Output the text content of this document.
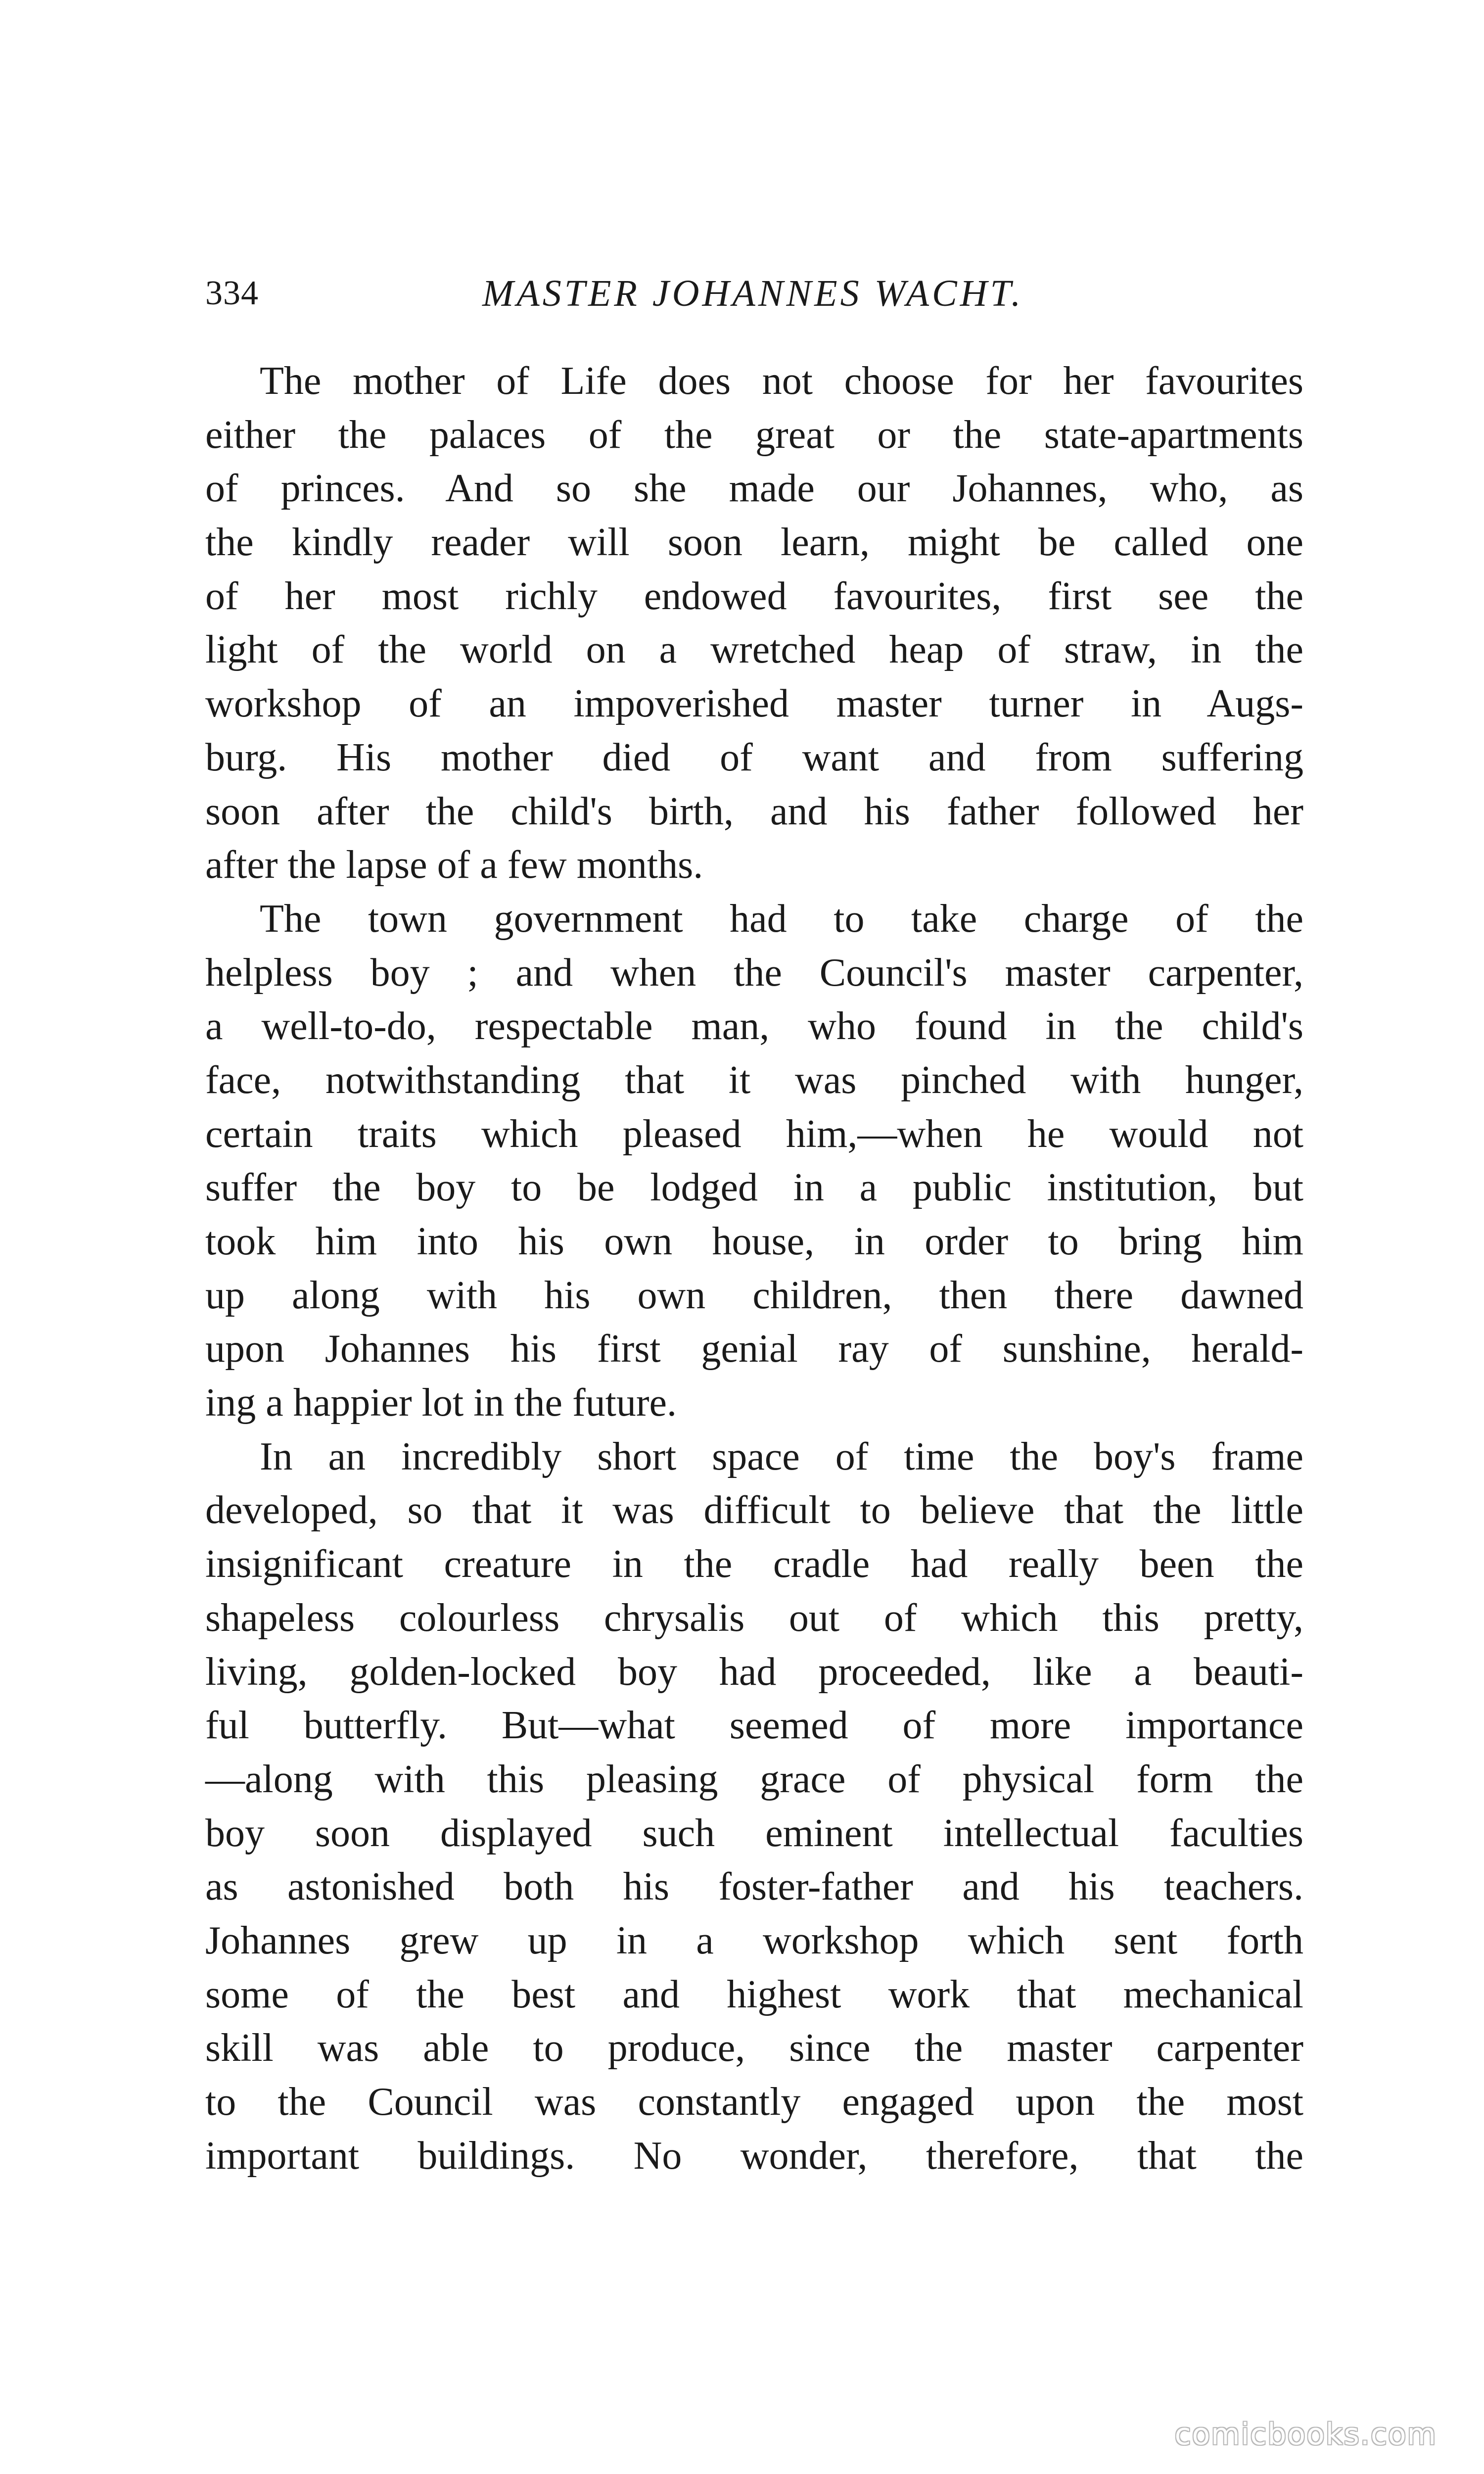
334	MASTER JOHANNES WACHT.
The mother of Life does not choose for her favourites
either the palaces of the great or the state-apartments
of princes. And so she made our Johannes, who, as
the kindly reader will soon learn, might be called one
of her most richly endowed favourites, first see the
light of the world on a wretched heap of straw, in the
workshop of an impoverished master turner in Augs-
burg. His mother died of want and from suffering
soon after the child's birth, and his father followed her
after the lapse of a few months.
The town government had to take charge of the
helpless boy ; and when the Council's master carpenter,
a well-to-do, respectable man, who found in the child's
face, notwithstanding that it was pinched with hunger,
certain traits which pleased him,—when he would not
suffer the boy to be lodged in a public institution, but
took him into his own house, in order to bring him
up along with his own children, then there dawned
upon Johannes his first genial ray of sunshine, herald-
ing a happier lot in the future.
In an incredibly short space of time the boy's frame
developed, so that it was difficult to believe that the little
insignificant creature in the cradle had really been the
shapeless colourless chrysalis out of which this pretty,
living, golden-locked boy had proceeded, like a beauti-
ful butterfly. But—what seemed of more importance
—along with this pleasing grace of physical form the
boy soon displayed such eminent intellectual faculties
as astonished both his foster-father and his teachers.
Johannes grew up in a workshop which sent forth
some of the best and highest work that mechanical
skill was able to produce, since the master carpenter
to the Council was constantly engaged upon the most
important buildings. No wonder, therefore, that the
comicbooks.com
